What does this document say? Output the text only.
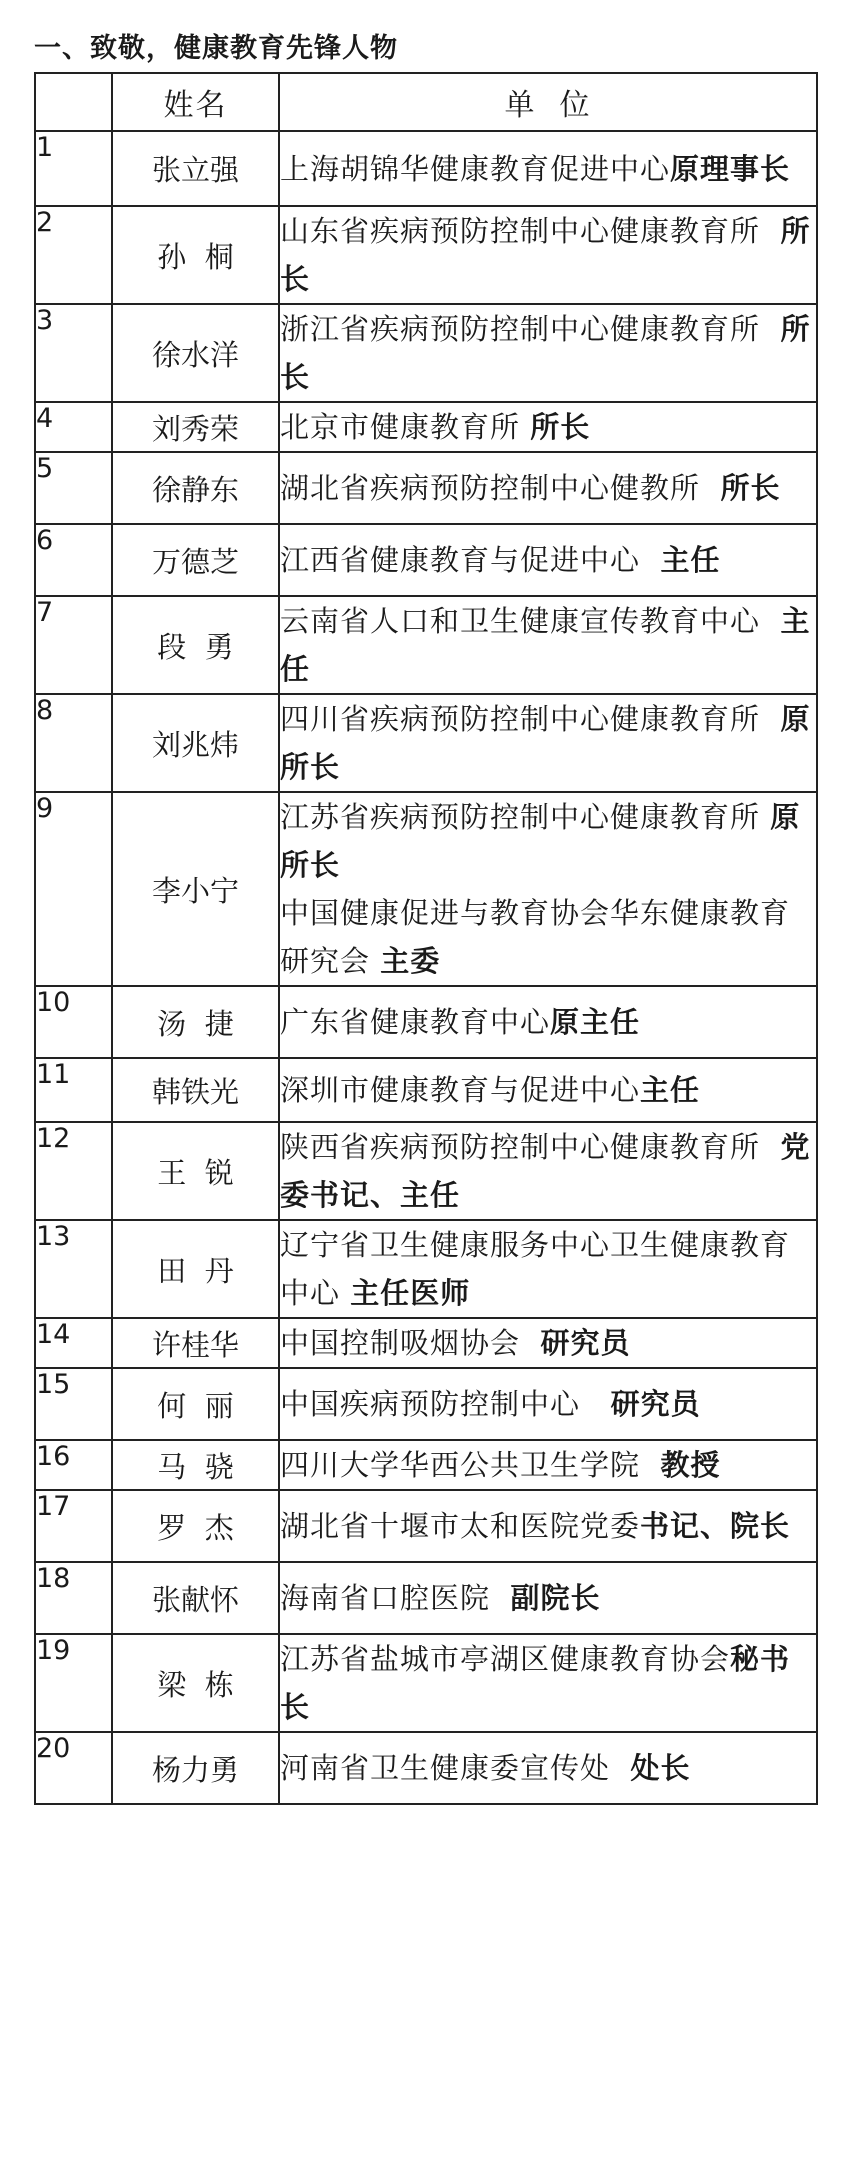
一、致敬，健康教育先锋人物
	姓名	单  位
1	张立强	上海胡锦华健康教育促进中心原理事长

2	孙  桐	山东省疾病预防控制中心健康教育所  所长

3	徐水洋	浙江省疾病预防控制中心健康教育所  所长

4	刘秀荣	北京市健康教育所 所长

5	徐静东	湖北省疾病预防控制中心健教所  所长

6	万德芝	江西省健康教育与促进中心  主任

7	段  勇	云南省人口和卫生健康宣传教育中心  主任

8	刘兆炜	四川省疾病预防控制中心健康教育所  原所长

9	李小宁	江苏省疾病预防控制中心健康教育所 原所长

中国健康促进与教育协会华东健康教育研究会 主委

10	汤  捷	广东省健康教育中心原主任

11	韩铁光	深圳市健康教育与促进中心主任

12	王  锐	陕西省疾病预防控制中心健康教育所  党委书记、主任

13	田  丹	辽宁省卫生健康服务中心卫生健康教育中心 主任医师

14	许桂华	中国控制吸烟协会  研究员

15	何  丽	中国疾病预防控制中心   研究员

16	马  骁	四川大学华西公共卫生学院  教授

17	罗  杰	湖北省十堰市太和医院党委书记、院长

18	张献怀	海南省口腔医院  副院长

19	梁  栋	江苏省盐城市亭湖区健康教育协会秘书长

20	杨力勇	河南省卫生健康委宣传处  处长
